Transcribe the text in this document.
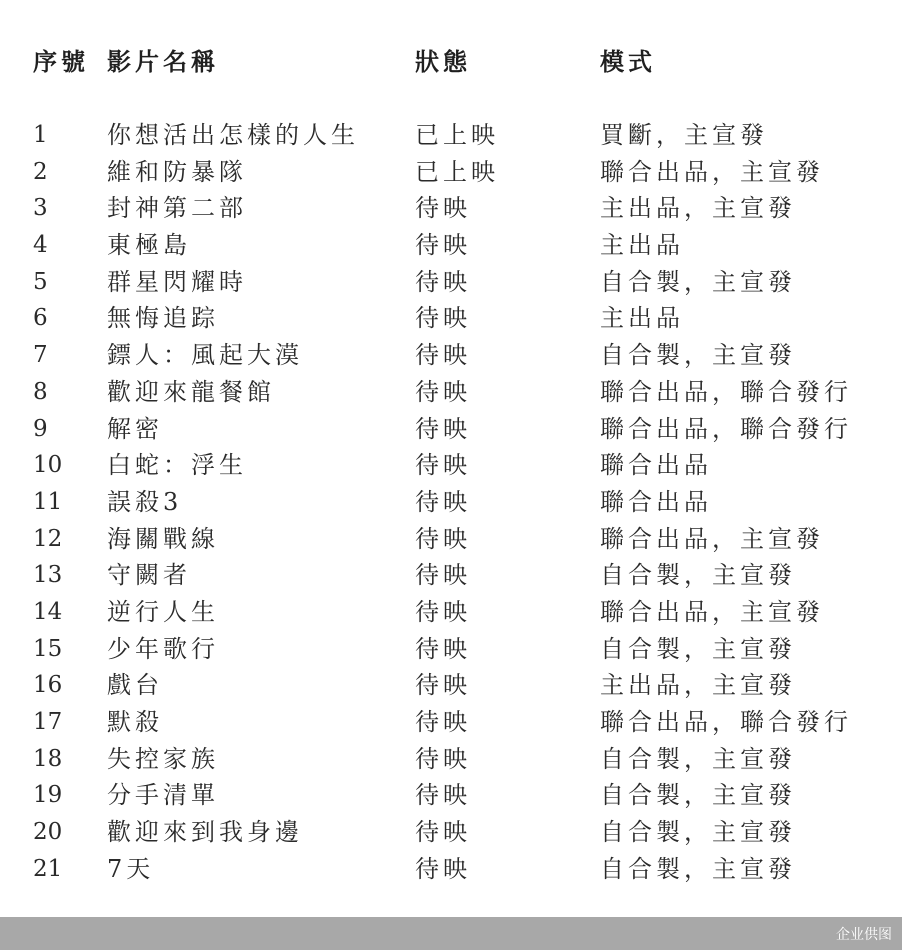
序號 影片名稱	狀態	模式
1 你想活出怎樣的人生 已上映	買斷，主宣發
2 維和防暴隊	已上映	聯合出品，主宣發
3 封神第二部	待映	主出品，主宣發
4 東極島	待映	主出品
5 群星閃耀時	待映	自合製，主宣發
6 無悔追踪	待映	主出品
7 鏢人：風起大漠	待映	自合製，主宣發
8 歡迎來龍餐館	待映	聯合出品，聯合發行
9 解密	待映	聯合出品，聯合發行
10 白蛇：浮生	待映	聯合出品
11 誤殺3	待映	聯合出品
12 海關戰線	待映	聯合出品，主宣發
13 守闕者	待映	自合製，主宣發
14 逆行人生	待映	聯合出品，主宣發
15 少年歌行	待映	自合製，主宣發
16 戲台	待映	主出品，主宣發
17 默殺	待映	聯合出品，聯合發行
18 失控家族	待映	自合製，主宣發
19 分手清單	待映	自合製，主宣發
20 歡迎來到我身邊	待映	自合製，主宣發
21 7天	待映	自合製，主宣發
企业供图
